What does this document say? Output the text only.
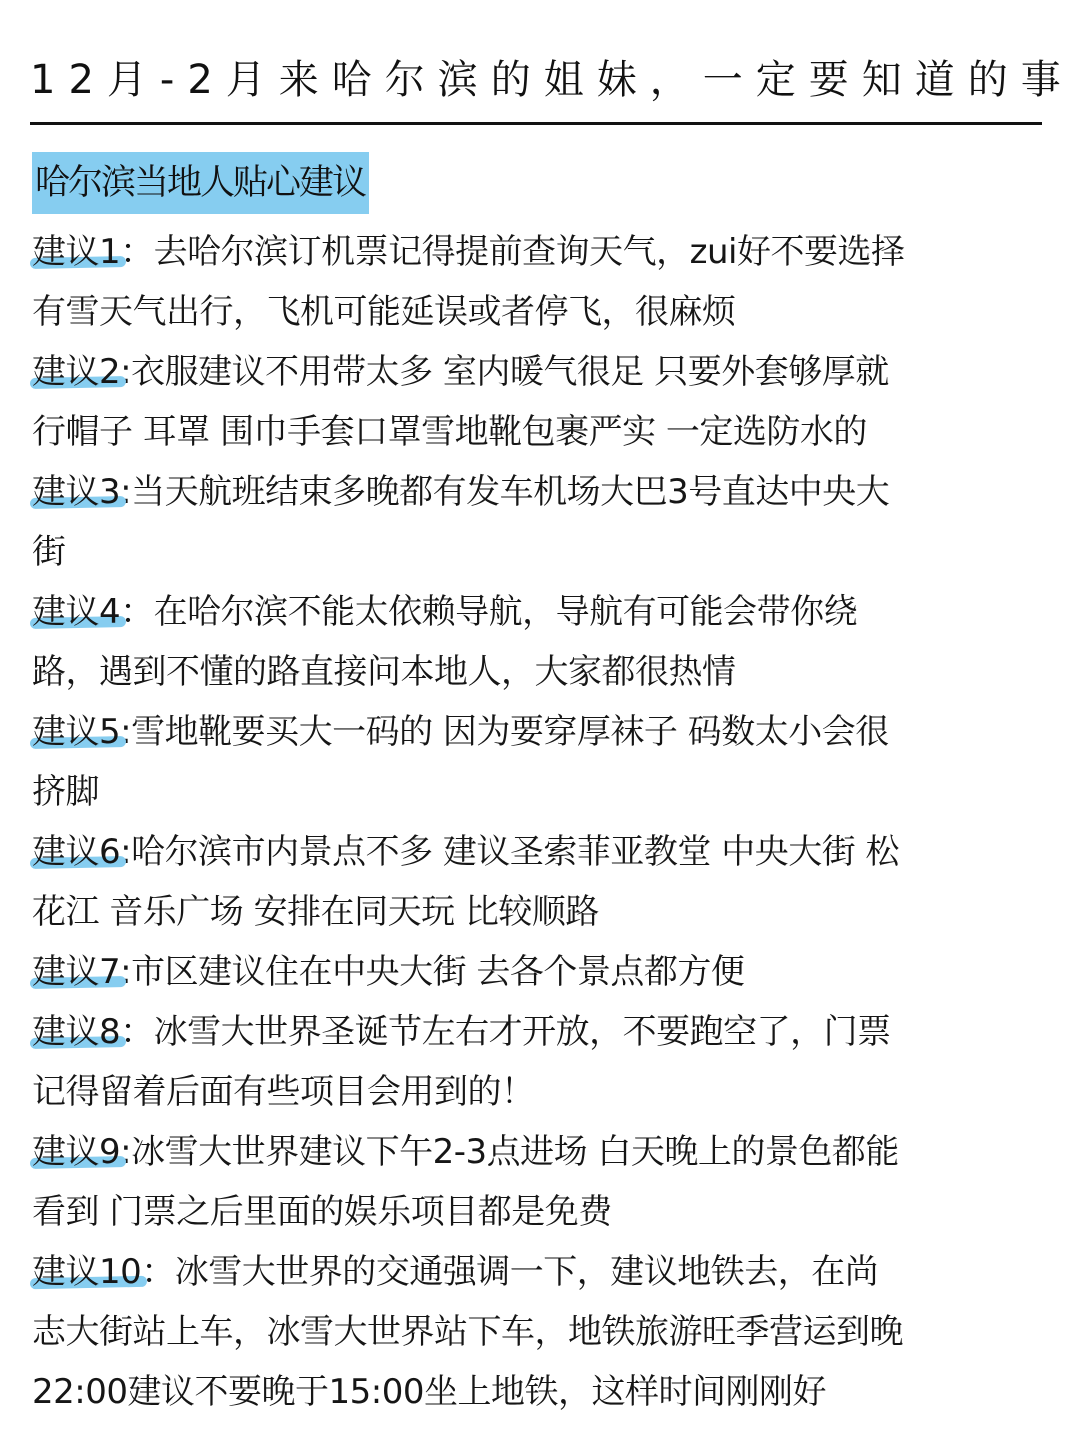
12月-2月来哈尔滨的姐妹，一定要知道的事
哈尔滨当地人贴心建议
建议1：去哈尔滨订机票记得提前查询天气，zui好不要选择
有雪天气出行，飞机可能延误或者停飞，很麻烦
建议2:衣服建议不用带太多 室内暖气很足 只要外套够厚就
行帽子 耳罩 围巾手套口罩雪地靴包裹严实 一定选防水的
建议3:当天航班结束多晚都有发车机场大巴3号直达中央大
街
建议4：在哈尔滨不能太依赖导航，导航有可能会带你绕
路，遇到不懂的路直接问本地人，大家都很热情
建议5:雪地靴要买大一码的 因为要穿厚袜子 码数太小会很
挤脚
建议6:哈尔滨市内景点不多 建议圣索菲亚教堂 中央大街 松
花江 音乐广场 安排在同天玩 比较顺路
建议7:市区建议住在中央大街 去各个景点都方便
建议8：冰雪大世界圣诞节左右才开放，不要跑空了，门票
记得留着后面有些项目会用到的！
建议9:冰雪大世界建议下午2-3点进场 白天晚上的景色都能
看到 门票之后里面的娱乐项目都是免费
建议10：冰雪大世界的交通强调一下，建议地铁去，在尚
志大街站上车，冰雪大世界站下车，地铁旅游旺季营运到晚
22:00建议不要晚于15:00坐上地铁，这样时间刚刚好
